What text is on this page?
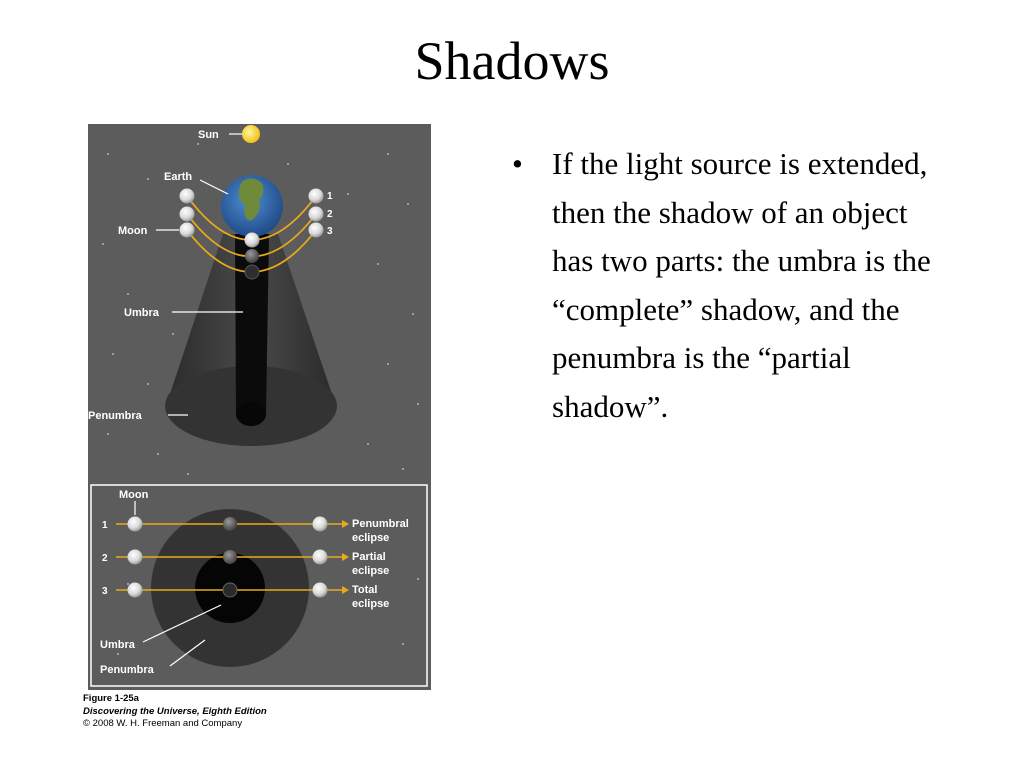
Shadows
Sun
Earth
Moon
Umbra
Penumbra
1
2
3
Moon
1
2
3
Penumbral
eclipse
Partial
eclipse
Total
eclipse
Umbra
Penumbra
Figure 1-25a
Discovering the Universe, Eighth Edition
© 2008 W. H. Freeman and Company
• If the light source is extended, then the shadow of an object has two parts: the umbra is the “complete” shadow, and the penumbra is the “partial shadow”.
